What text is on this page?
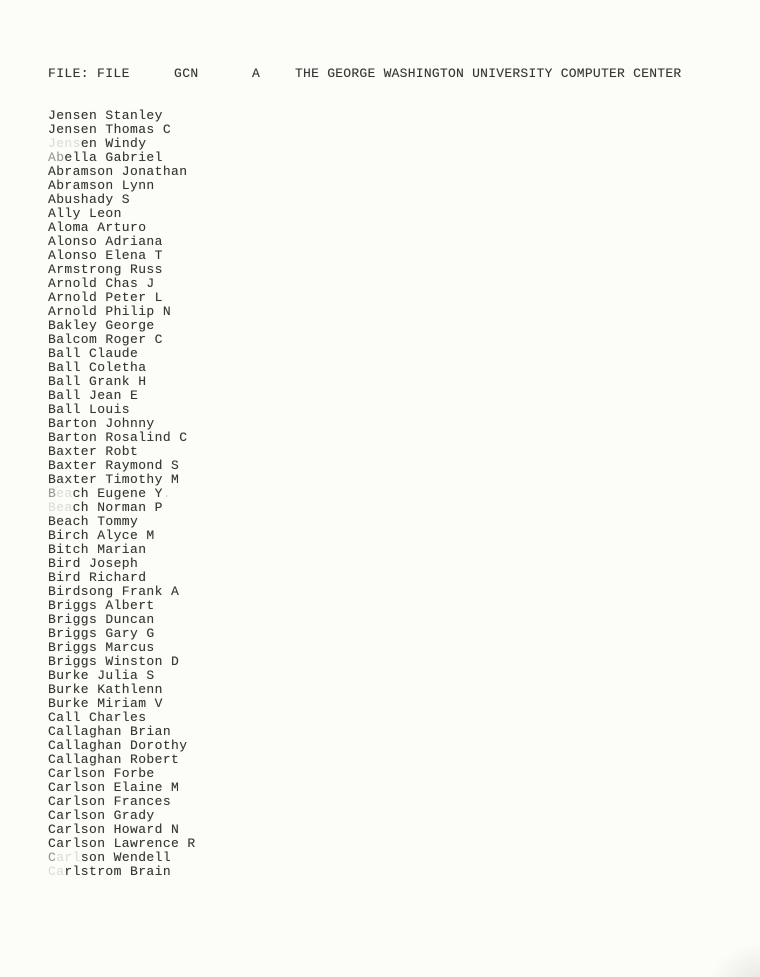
FILE:

FILE

	GCN

	A

	THE GEORGE WASHINGTON UNIVERSITY COMPUTER CENTER

Jensen Stanley
Jensen Thomas C
Jensen Windy
Abella Gabriel
Abramson Jonathan
Abramson Lynn
Abushady S
Ally Leon
Aloma Arturo
Alonso Adriana
Alonso Elena T
Armstrong Russ
Arnold Chas J
Arnold Peter L
Arnold Philip N
Bakley George
Balcom Roger C
Ball Claude
Ball Coletha
Ball Grank H
Ball Jean E
Ball Louis
Barton Johnny
Barton Rosalind C
Baxter Robt
Baxter Raymond S
Baxter Timothy M
Beach Eugene Y.
Beach Norman P
Beach Tommy
Birch Alyce M
Bitch Marian
Bird Joseph
Bird Richard
Birdsong Frank A
Briggs Albert
Briggs Duncan
Briggs Gary G
Briggs Marcus
Briggs Winston D
Burke Julia S
Burke Kathlenn
Burke Miriam V
Call Charles
Callaghan Brian
Callaghan Dorothy
Callaghan Robert
Carlson Forbe
Carlson Elaine M
Carlson Frances
Carlson Grady
Carlson Howard N
Carlson Lawrence R
Carlson Wendell
Carlstrom Brain
